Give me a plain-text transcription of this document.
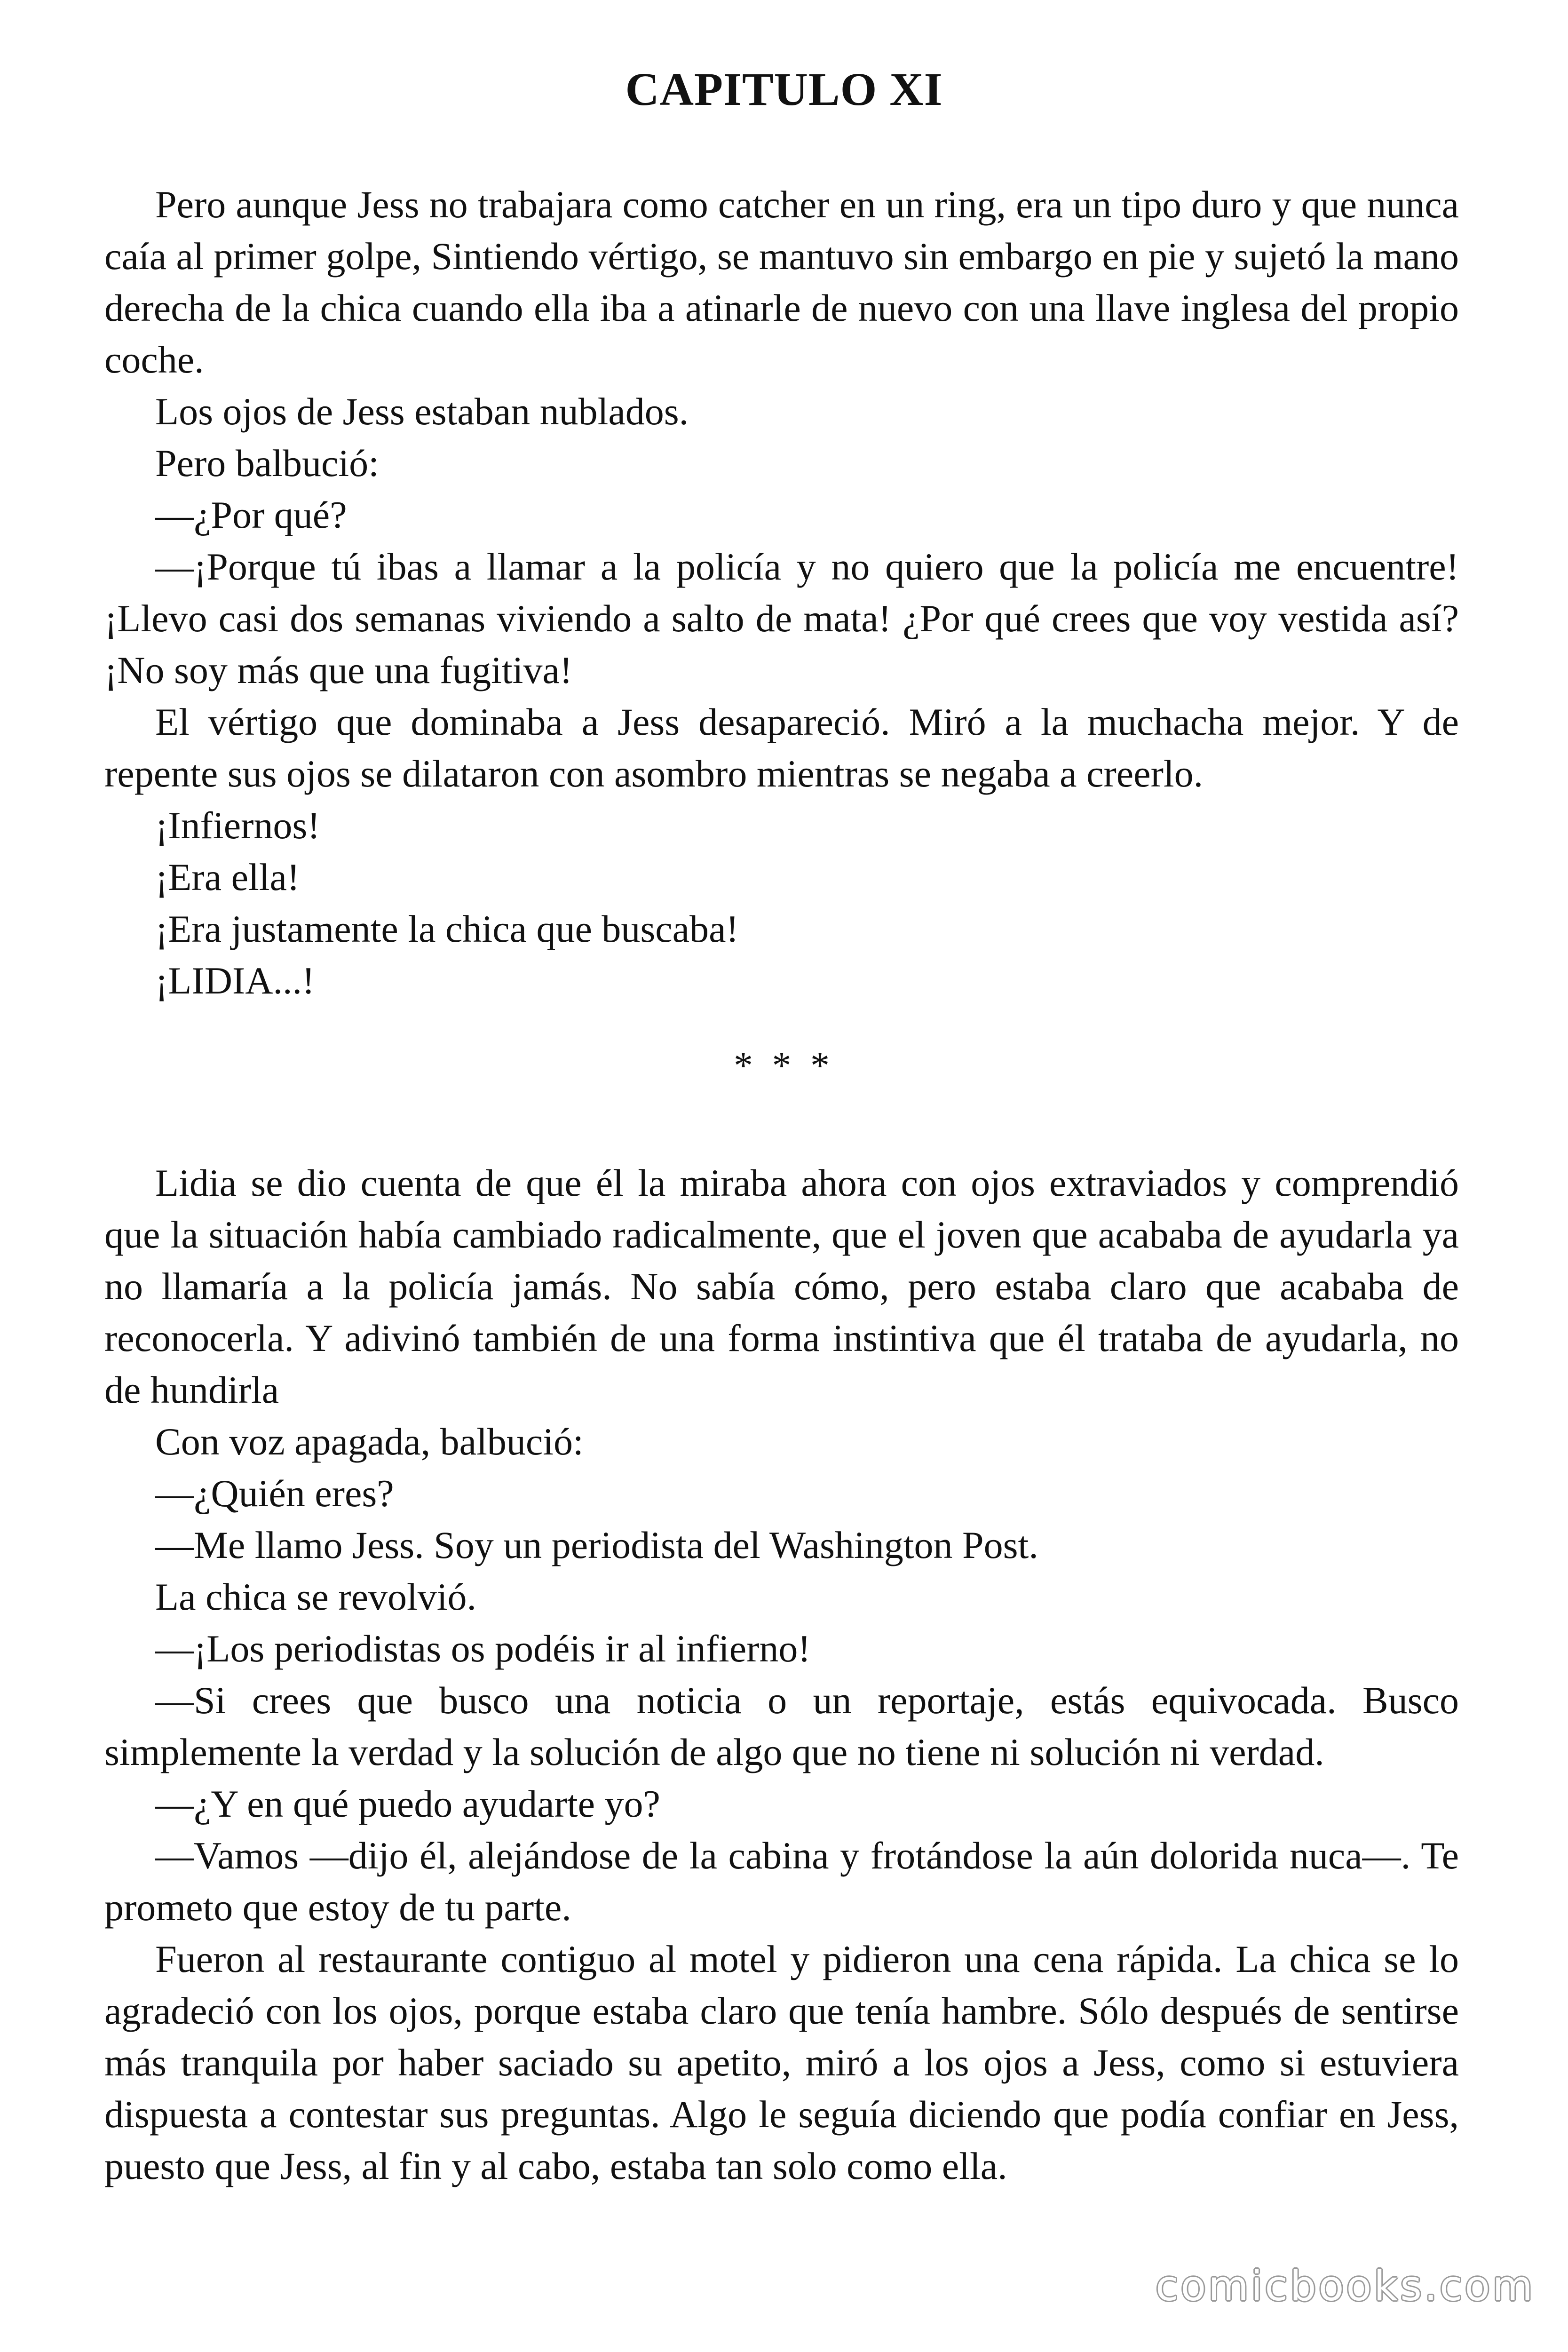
CAPITULO XI

Pero aunque Jess no trabajara como catcher en un ring, era un tipo duro y que nunca caía al primer golpe, Sintiendo vértigo, se mantuvo sin embargo en pie y sujetó la mano derecha de la chica cuando ella iba a atinarle de nuevo con una llave inglesa del propio coche.

Los ojos de Jess estaban nublados.

Pero balbució:

—¿Por qué?

—¡Porque tú ibas a llamar a la policía y no quiero que la policía me encuentre! ¡Llevo casi dos semanas viviendo a salto de mata! ¿Por qué crees que voy vestida así? ¡No soy más que una fugitiva!

El vértigo que dominaba a Jess desapareció. Miró a la muchacha mejor. Y de repente sus ojos se dilataron con asombro mientras se negaba a creerlo.

¡Infiernos!

¡Era ella!

¡Era justamente la chica que buscaba!

¡LIDIA...!

* * *

Lidia se dio cuenta de que él la miraba ahora con ojos extraviados y comprendió que la situación había cambiado radicalmente, que el joven que acababa de ayudarla ya no llamaría a la policía jamás. No sabía cómo, pero estaba claro que acababa de reconocerla. Y adivinó también de una forma instintiva que él trataba de ayudarla, no de hundirla

Con voz apagada, balbució:

—¿Quién eres?

—Me llamo Jess. Soy un periodista del Washington Post.

La chica se revolvió.

—¡Los periodistas os podéis ir al infierno!

—Si crees que busco una noticia o un reportaje, estás equivocada. Busco simplemente la verdad y la solución de algo que no tiene ni solución ni verdad.

—¿Y en qué puedo ayudarte yo?

—Vamos —dijo él, alejándose de la cabina y frotándose la aún dolorida nuca—. Te prometo que estoy de tu parte.

Fueron al restaurante contiguo al motel y pidieron una cena rápida. La chica se lo agradeció con los ojos, porque estaba claro que tenía hambre. Sólo después de sentirse más tranquila por haber saciado su apetito, miró a los ojos a Jess, como si estuviera dispuesta a contestar sus preguntas. Algo le seguía diciendo que podía confiar en Jess, puesto que Jess, al fin y al cabo, estaba tan solo como ella.

comicbooks.com
